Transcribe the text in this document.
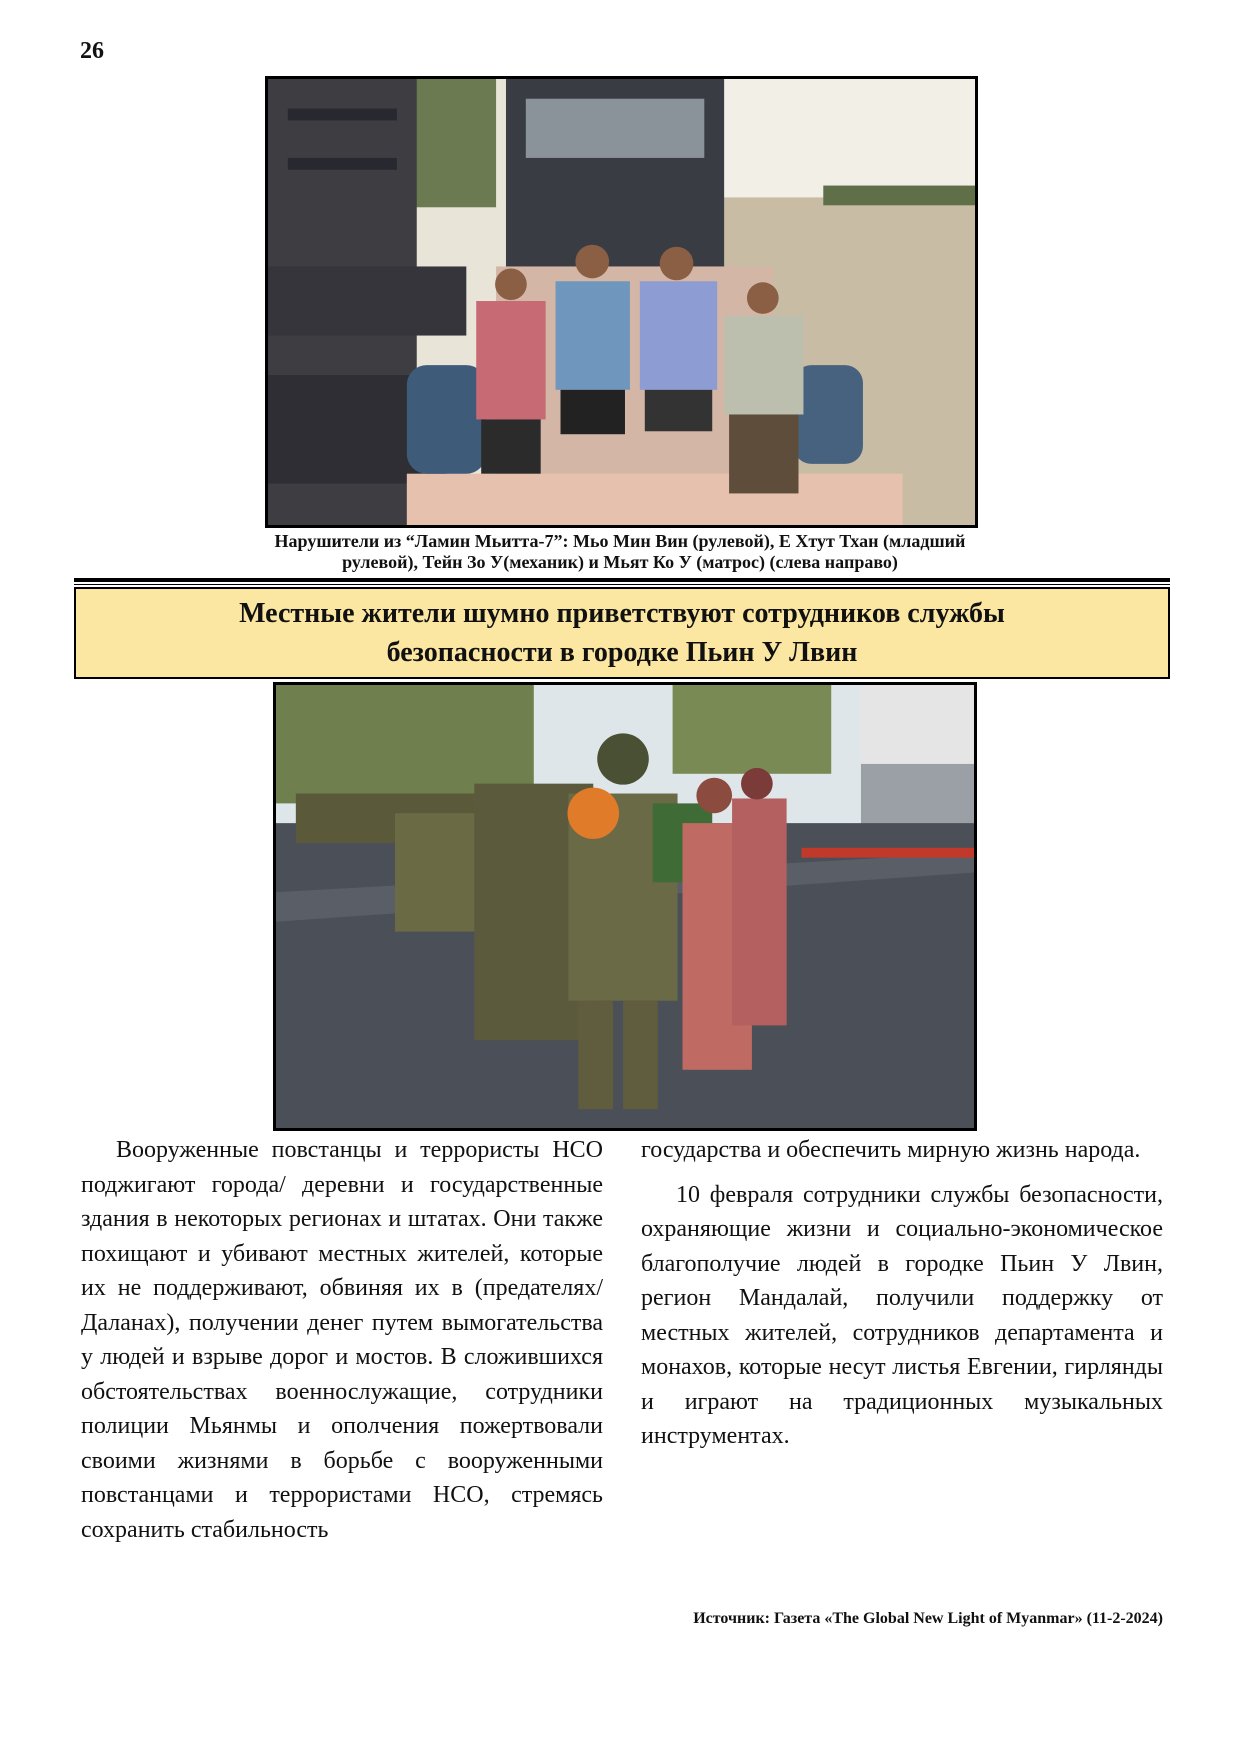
26
Нарушители из “Ламин Мьитта-7”: Мьо Мин Вин (рулевой), Е Хтут Тхан (младший
рулевой), Тейн Зо У(механик) и Мьят Ко У (матрос) (слева направо)
Местные жители шумно приветствуют сотрудников службы
безопасности в городке Пьин У Лвин

Вооруженные повстанцы и террористы НСО поджигают города/ деревни и государственные здания в некоторых регионах и штатах. Они также похищают и убивают местных жителей, которые их не поддерживают, обвиняя их в (предателях/Даланах), получении денег путем вымогательства у людей и взрыве дорог и мостов. В сложившихся обстоятельствах военнослужащие, сотрудники полиции Мьянмы и ополчения пожертвовали своими жизнями в борьбе с вооруженными повстанцами и террористами НСО, стремясь сохранить стабильность

государства и обеспечить мирную жизнь народа.

10 февраля сотрудники службы безопасности, охраняющие жизни и социально-экономическое благополучие людей в городке Пьин У Лвин, регион Мандалай, получили поддержку от местных жителей, сотрудников департамента и монахов, которые несут листья Евгении, гирлянды и играют на традиционных музыкальных инструментах.

Источник: Газета «The Global New Light of Myanmar» (11-2-2024)
